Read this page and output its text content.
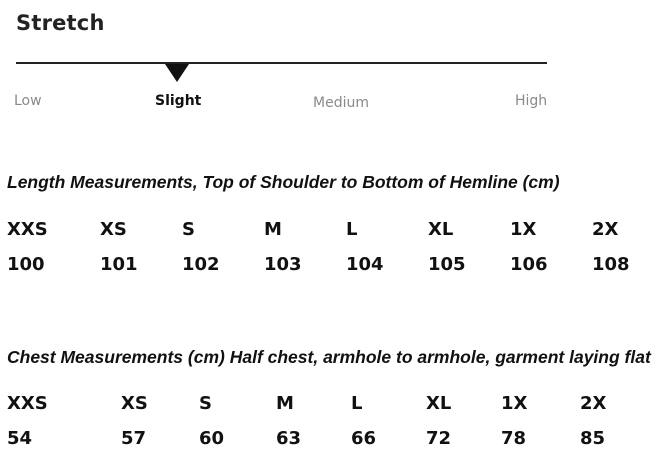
Stretch
Low	Slight	Medium	High
Length Measurements, Top of Shoulder to Bottom of Hemline (cm)
XXS	XS	S	M	L	XL	1X	2X
100	101 102 103 104 105 106 108
Chest Measurements (cm) Half chest, armhole to armhole, garment laying flat
XXS	XS	S	M	L	XL	1X	2X
54	57	60	63	66	72	78	85
